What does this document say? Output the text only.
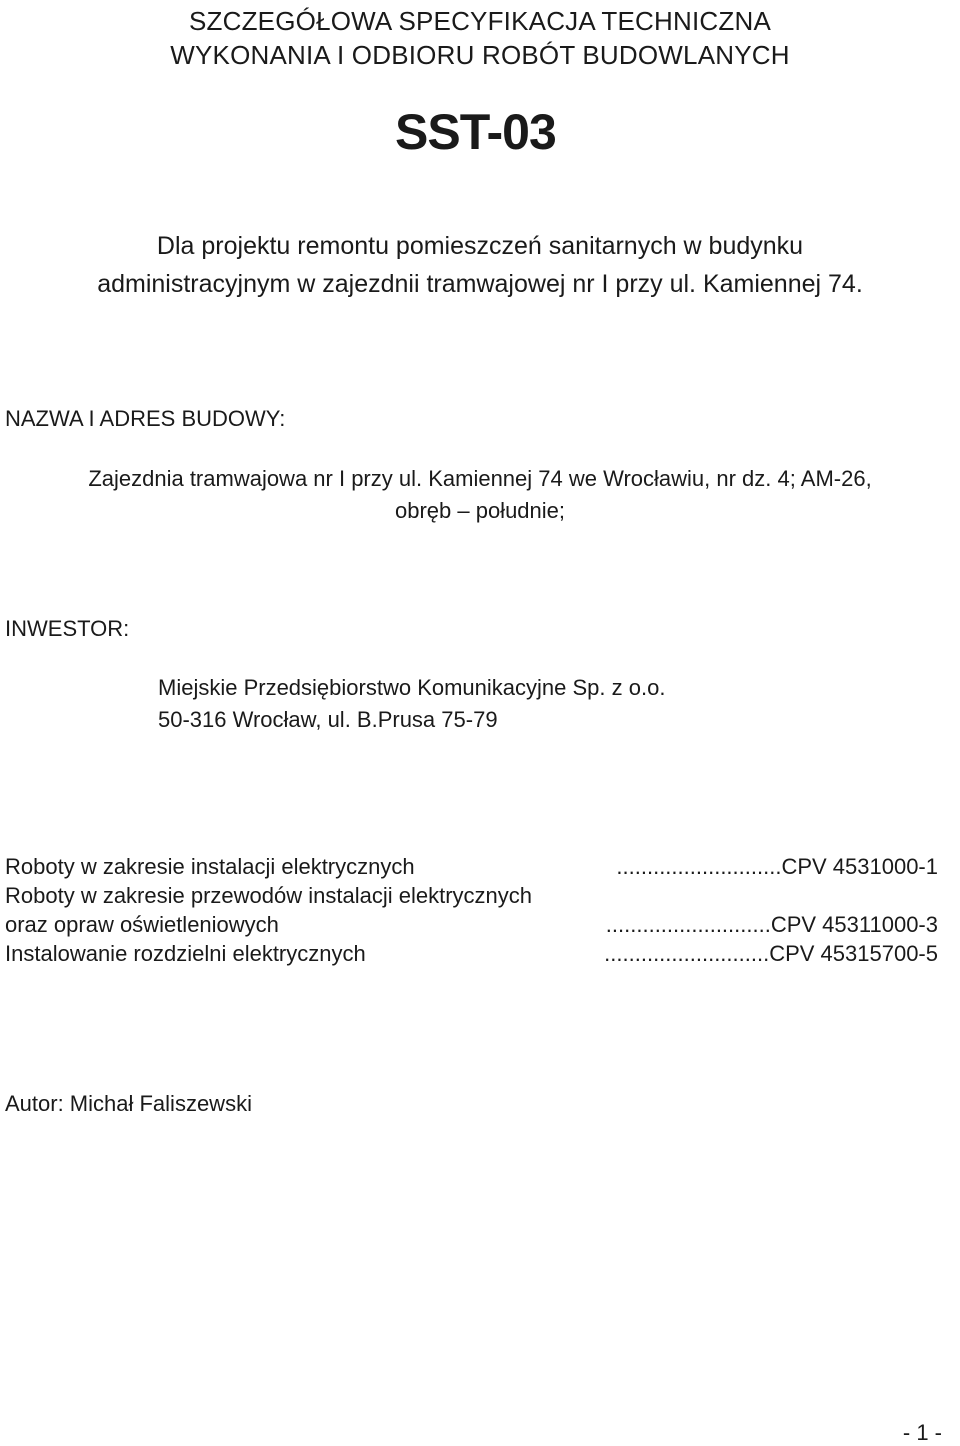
SZCZEGÓŁOWA SPECYFIKACJA TECHNICZNA
WYKONANIA I ODBIORU ROBÓT BUDOWLANYCH
SST-03
Dla projektu remontu pomieszczeń sanitarnych w budynku
administracyjnym w zajezdnii tramwajowej nr I przy ul. Kamiennej 74.
NAZWA I ADRES BUDOWY:
Zajezdnia tramwajowa nr I przy ul. Kamiennej 74 we Wrocławiu, nr dz. 4; AM-26,
obręb – południe;
INWESTOR:
Miejskie Przedsiębiorstwo Komunikacyjne Sp. z o.o.
50-316 Wrocław, ul. B.Prusa 75-79
Roboty w zakresie instalacji elektrycznych	...........................CPV 4531000-1
Roboty w zakresie przewodów instalacji elektrycznych
oraz opraw oświetleniowych	...........................CPV 45311000-3
Instalowanie rozdzielni elektrycznych	...........................CPV 45315700-5
Autor: Michał Faliszewski
- 1 -
